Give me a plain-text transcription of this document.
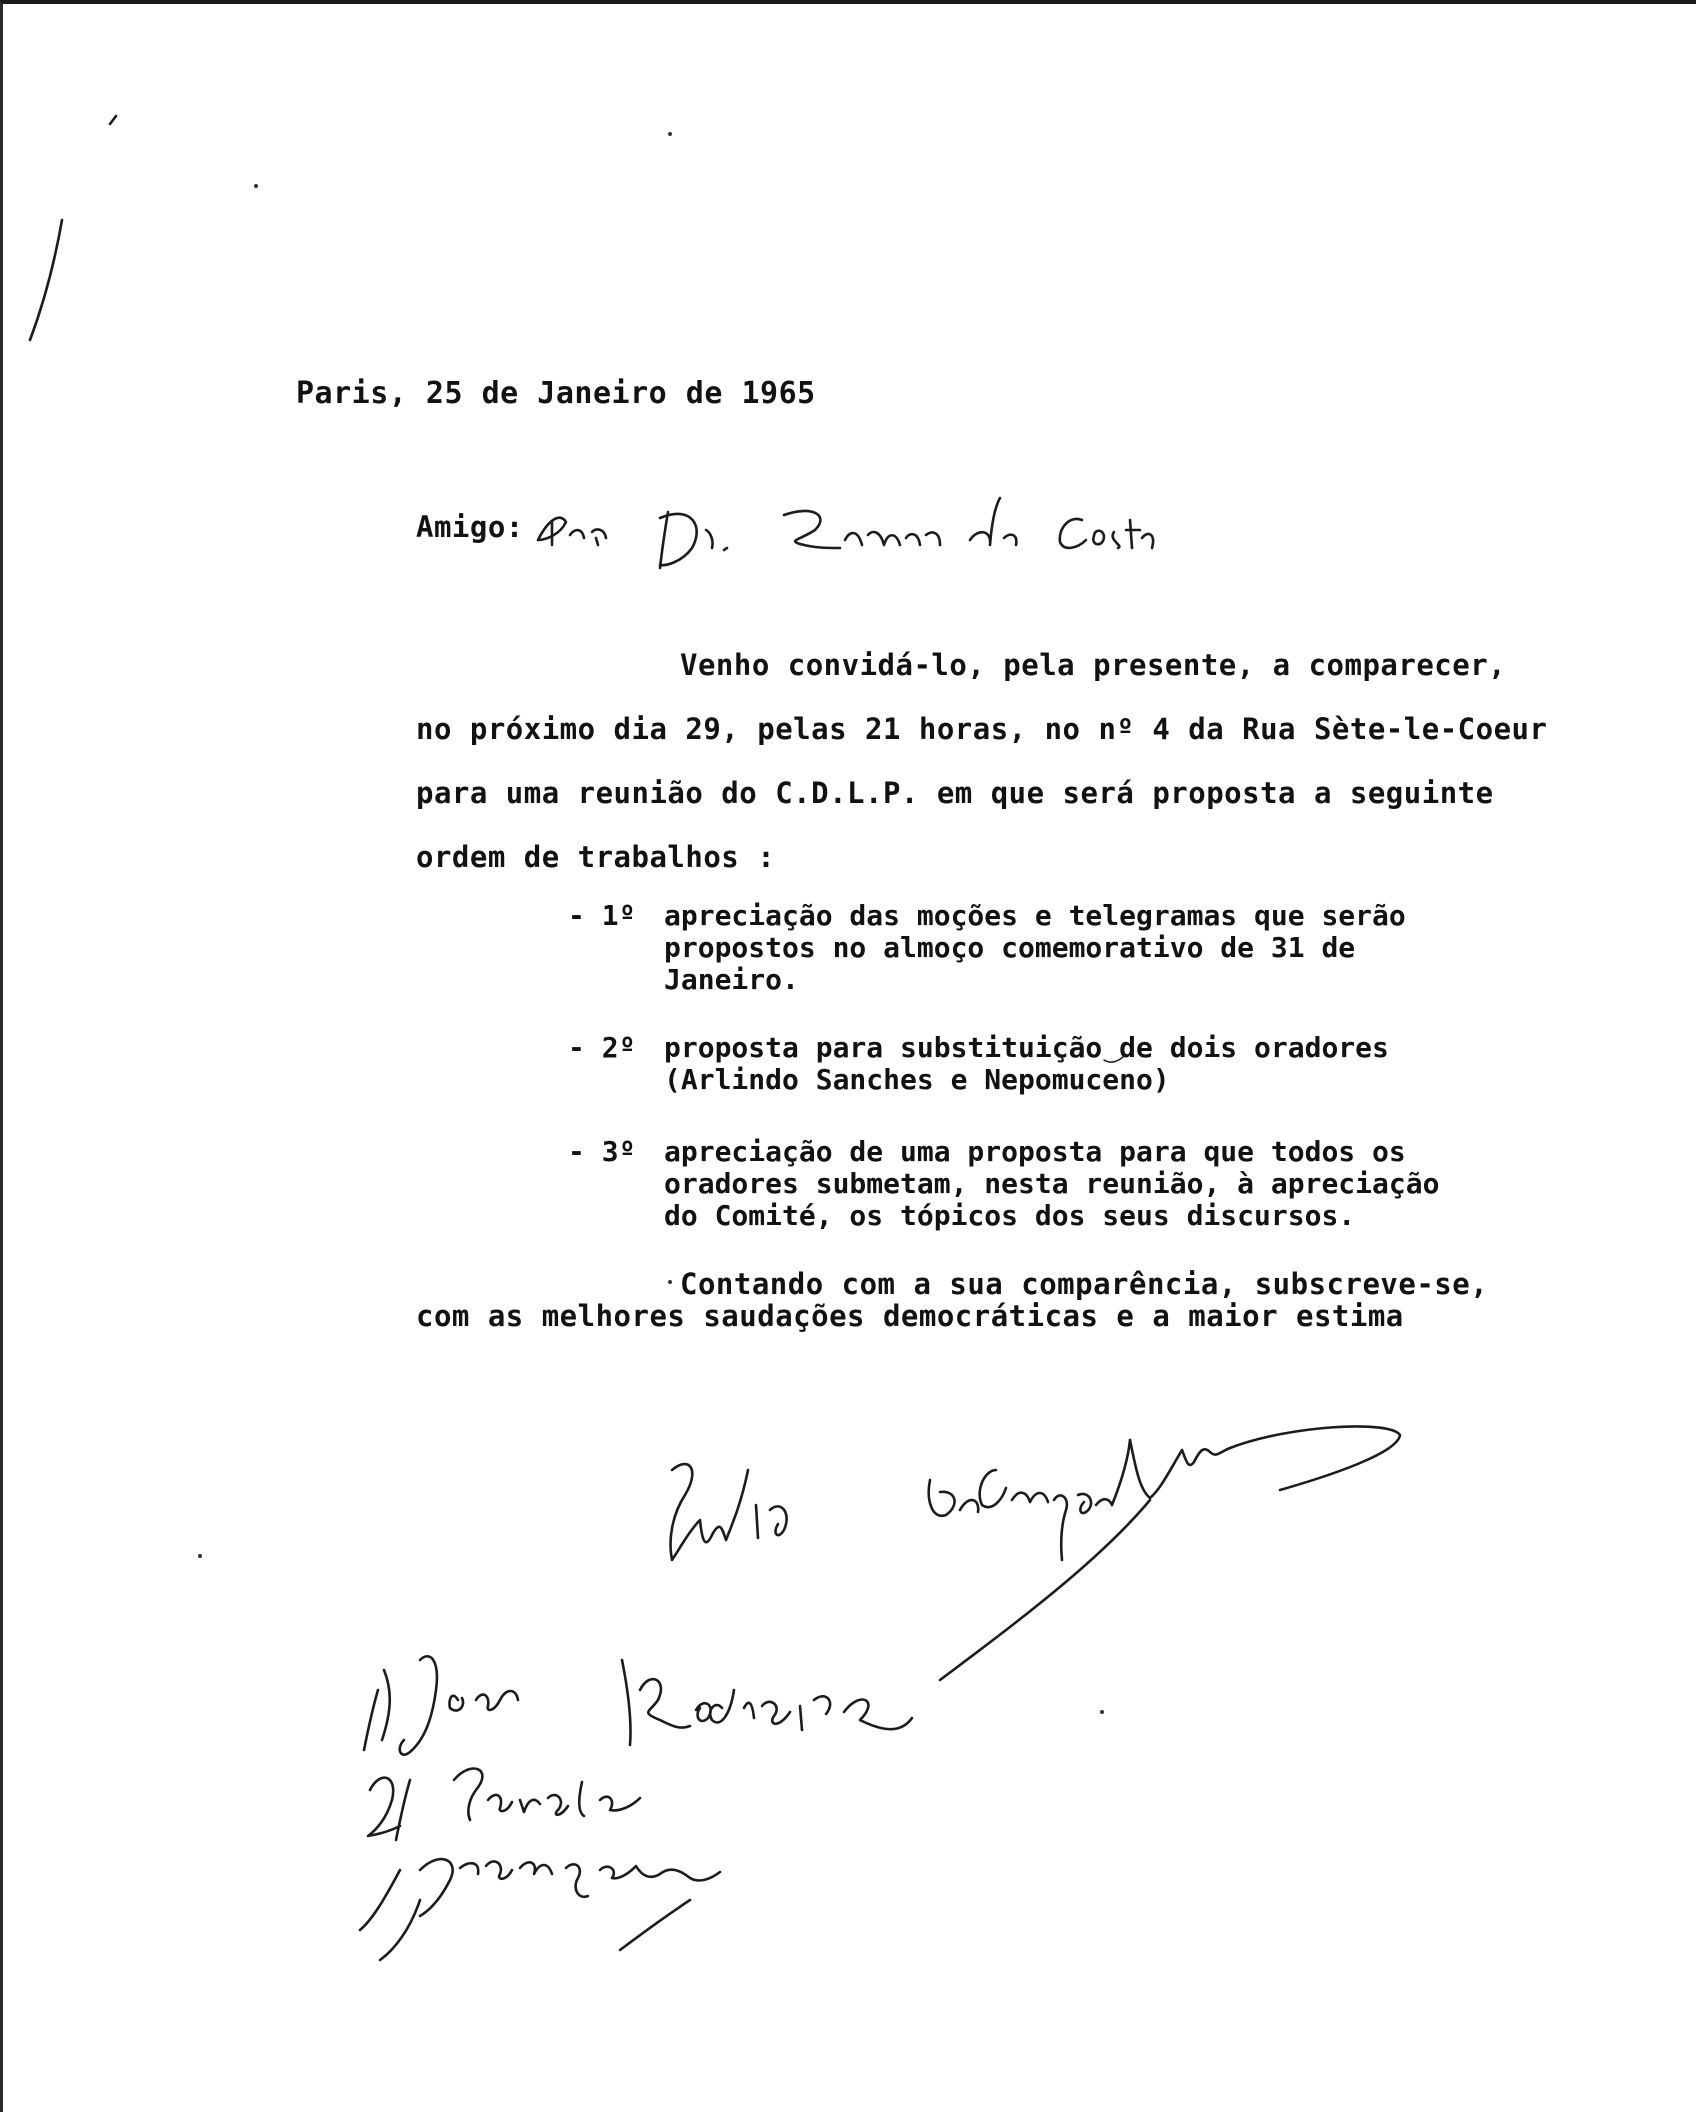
Paris, 25 de Janeiro de 1965
Amigo:
Venho convidá-lo, pela presente, a comparecer,
no próximo dia 29, pelas 21 horas, no nº 4 da Rua Sète-le-Coeur
para uma reunião do C.D.L.P. em que será proposta a seguinte
ordem de trabalhos :
- 1º	apreciação das moções e telegramas que serão propostos no almoço comemorativo de 31 de Janeiro.
- 2º	proposta para substituição de dois oradores (Arlindo Sanches e Nepomuceno)
- 3º	apreciação de uma proposta para que todos os oradores submetam, nesta reunião, à apreciação do Comité, os tópicos dos seus discursos.
Contando com a sua comparência, subscreve-se,
com as melhores saudações democráticas e a maior estima
